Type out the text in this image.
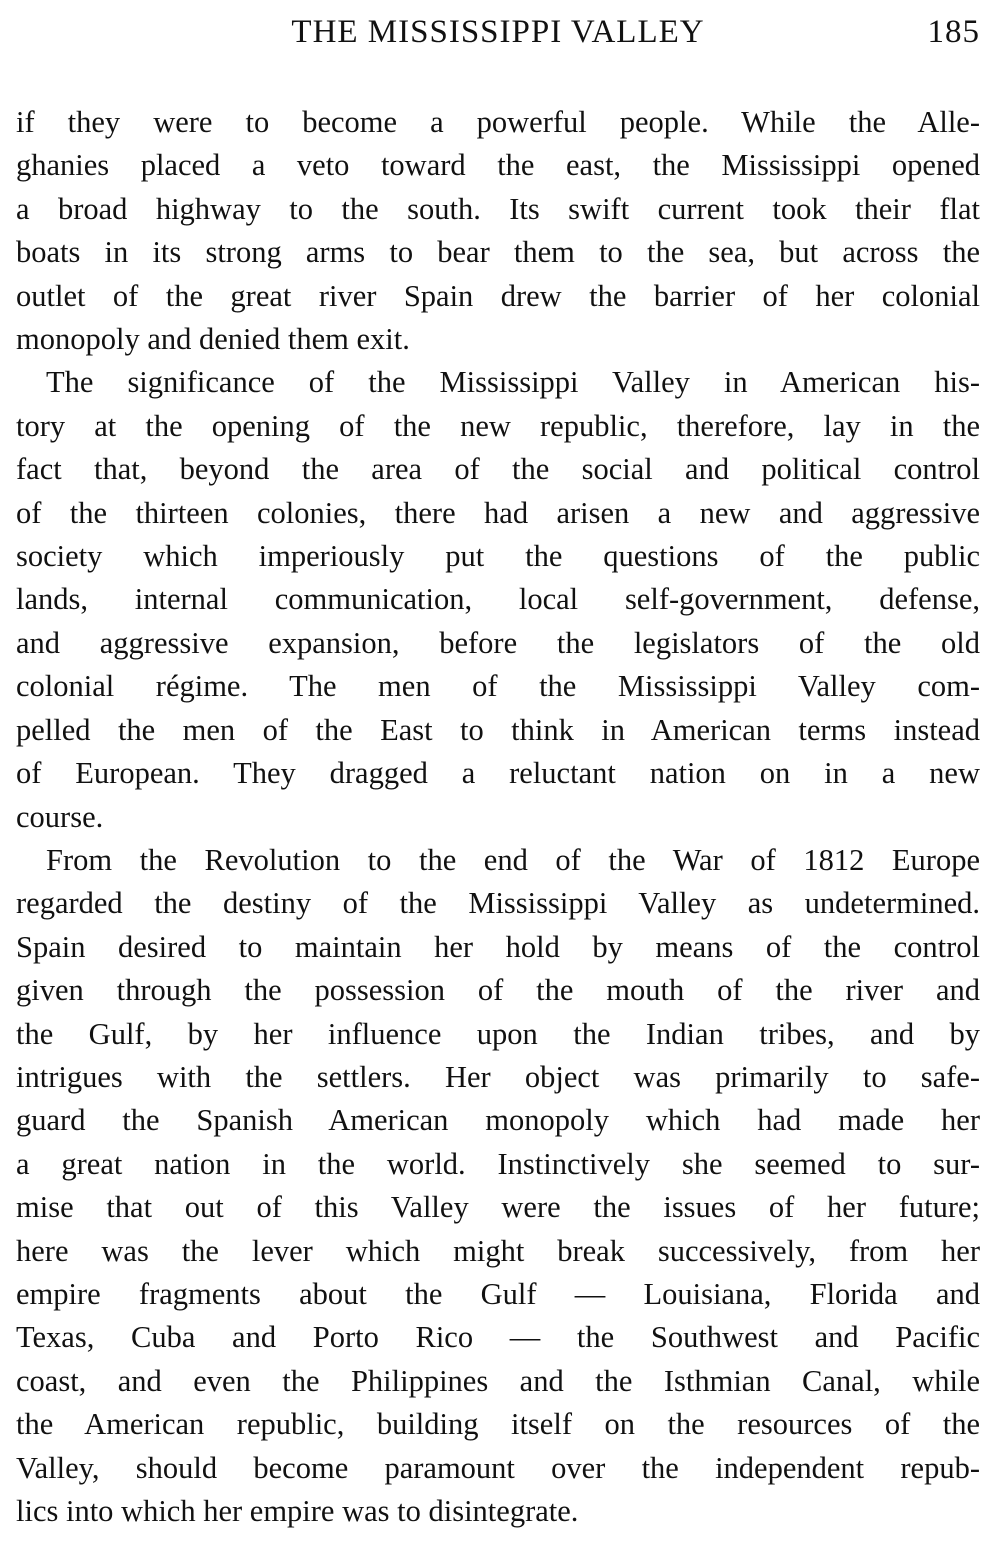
THE MISSISSIPPI VALLEY	185
if they were to become a powerful people. While the Alle-
ghanies placed a veto toward the east, the Mississippi opened
a broad highway to the south. Its swift current took their flat
boats in its strong arms to bear them to the sea, but across the
outlet of the great river Spain drew the barrier of her colonial
monopoly and denied them exit.
The significance of the Mississippi Valley in American his-
tory at the opening of the new republic, therefore, lay in the
fact that, beyond the area of the social and political control
of the thirteen colonies, there had arisen a new and aggressive
society which imperiously put the questions of the public
lands, internal communication, local self-government, defense,
and aggressive expansion, before the legislators of the old
colonial régime. The men of the Mississippi Valley com-
pelled the men of the East to think in American terms instead
of European. They dragged a reluctant nation on in a new
course.
From the Revolution to the end of the War of 1812 Europe
regarded the destiny of the Mississippi Valley as undetermined.
Spain desired to maintain her hold by means of the control
given through the possession of the mouth of the river and
the Gulf, by her influence upon the Indian tribes, and by
intrigues with the settlers. Her object was primarily to safe-
guard the Spanish American monopoly which had made her
a great nation in the world. Instinctively she seemed to sur-
mise that out of this Valley were the issues of her future;
here was the lever which might break successively, from her
empire fragments about the Gulf — Louisiana, Florida and
Texas, Cuba and Porto Rico — the Southwest and Pacific
coast, and even the Philippines and the Isthmian Canal, while
the American republic, building itself on the resources of the
Valley, should become paramount over the independent repub-
lics into which her empire was to disintegrate.
